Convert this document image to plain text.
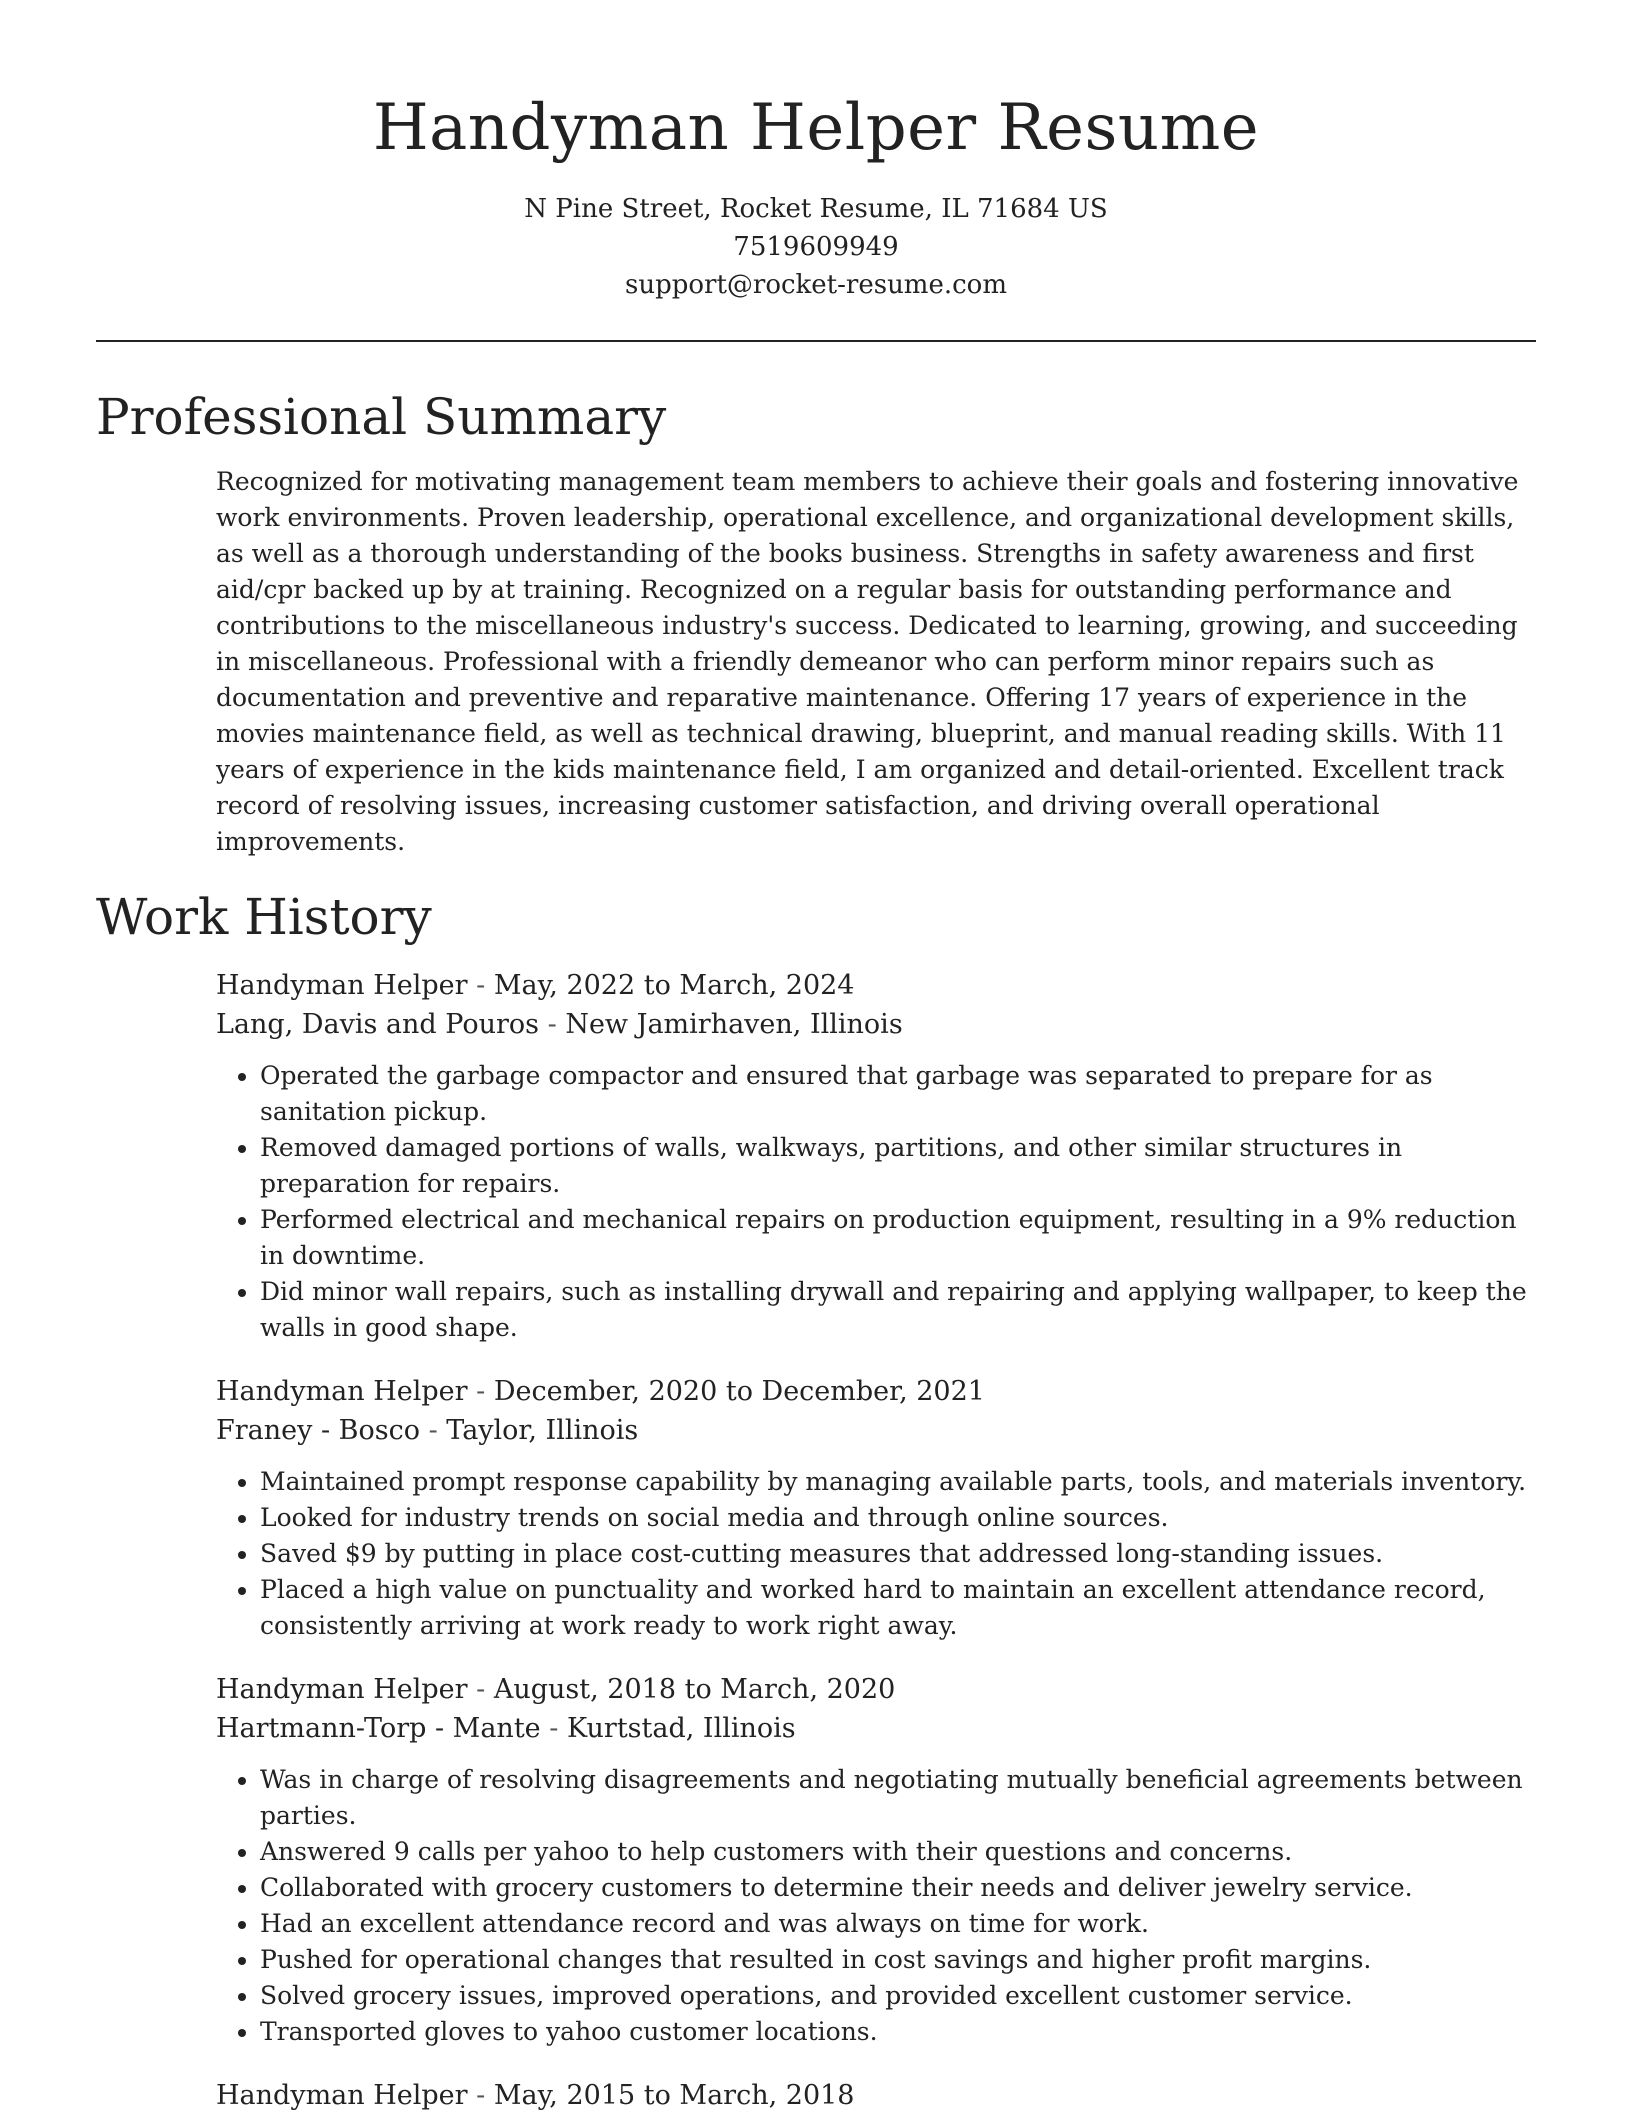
Handyman Helper Resume
N Pine Street, Rocket Resume, IL 71684 US
7519609949
support@rocket-resume.com
Professional Summary
Recognized for motivating management team members to achieve their goals and fostering innovative work environments. Proven leadership, operational excellence, and organizational development skills, as well as a thorough understanding of the books business. Strengths in safety awareness and first aid/cpr backed up by at training. Recognized on a regular basis for outstanding performance and contributions to the miscellaneous industry's success. Dedicated to learning, growing, and succeeding in miscellaneous. Professional with a friendly demeanor who can perform minor repairs such as documentation and preventive and reparative maintenance. Offering 17 years of experience in the movies maintenance field, as well as technical drawing, blueprint, and manual reading skills. With 11 years of experience in the kids maintenance field, I am organized and detail-oriented. Excellent track record of resolving issues, increasing customer satisfaction, and driving overall operational improvements.
Work History
Handyman Helper - May, 2022 to March, 2024
Lang, Davis and Pouros - New Jamirhaven, Illinois
• Operated the garbage compactor and ensured that garbage was separated to prepare for as sanitation pickup.
• Removed damaged portions of walls, walkways, partitions, and other similar structures in preparation for repairs.
• Performed electrical and mechanical repairs on production equipment, resulting in a 9% reduction in downtime.
• Did minor wall repairs, such as installing drywall and repairing and applying wallpaper, to keep the walls in good shape.
Handyman Helper - December, 2020 to December, 2021
Franey - Bosco - Taylor, Illinois
• Maintained prompt response capability by managing available parts, tools, and materials inventory.
• Looked for industry trends on social media and through online sources.
• Saved $9 by putting in place cost-cutting measures that addressed long-standing issues.
• Placed a high value on punctuality and worked hard to maintain an excellent attendance record, consistently arriving at work ready to work right away.
Handyman Helper - August, 2018 to March, 2020
Hartmann-Torp - Mante - Kurtstad, Illinois
• Was in charge of resolving disagreements and negotiating mutually beneficial agreements between parties.
• Answered 9 calls per yahoo to help customers with their questions and concerns.
• Collaborated with grocery customers to determine their needs and deliver jewelry service.
• Had an excellent attendance record and was always on time for work.
• Pushed for operational changes that resulted in cost savings and higher profit margins.
• Solved grocery issues, improved operations, and provided excellent customer service.
• Transported gloves to yahoo customer locations.
Handyman Helper - May, 2015 to March, 2018
